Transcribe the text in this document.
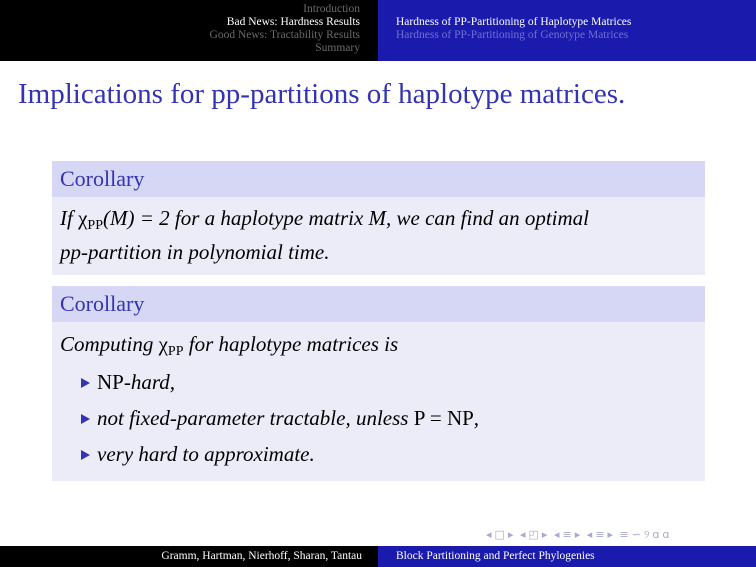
Introduction
Bad News: Hardness Results
Good News: Tractability Results
Summary
Hardness of PP-Partitioning of Haplotype Matrices
Hardness of PP-Partitioning of Genotype Matrices
Implications for pp-partitions of haplotype matrices.
Corollary
If χPP(M) = 2 for a haplotype matrix M, we can find an optimal
pp-partition in polynomial time.
Corollary
Computing χPP for haplotype matrices is
NP-hard,
not fixed-parameter tractable, unless P = NP,
very hard to approximate.
◂ □ ▸ ◂ ◰ ▸ ◂ ≡ ▸ ◂ ≡ ▸ ≡ ∽ ୨ ɑ ɑ
Gramm, Hartman, Nierhoff, Sharan, Tantau	Block Partitioning and Perfect Phylogenies
